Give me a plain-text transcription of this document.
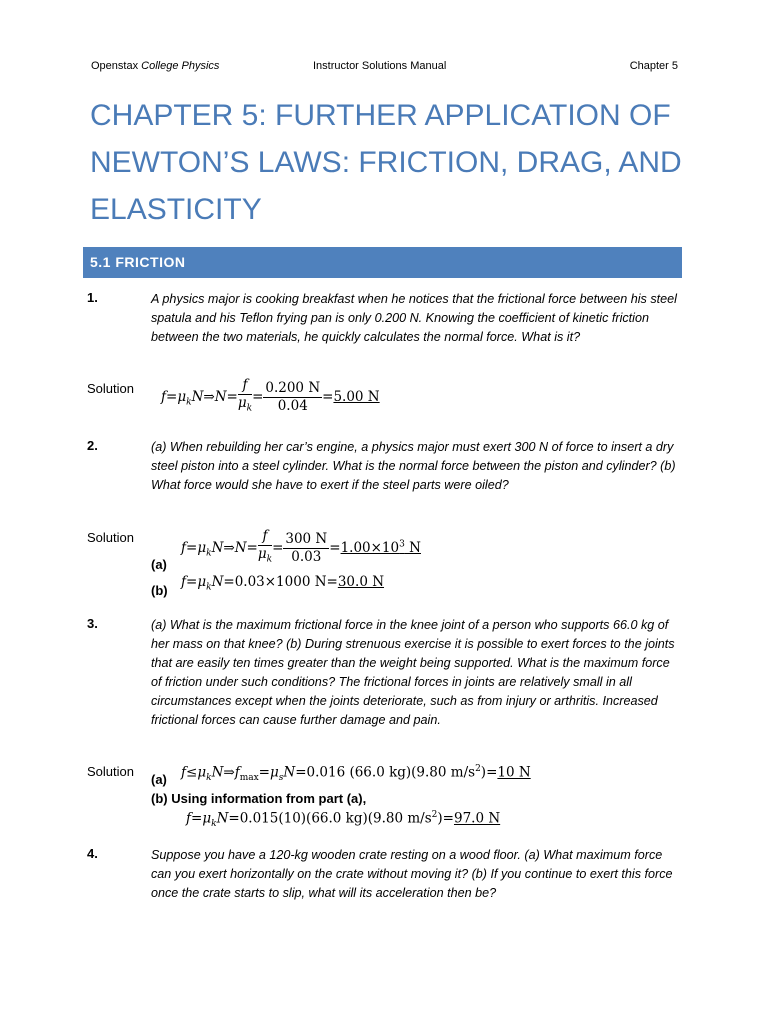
Openstax College Physics	Instructor Solutions Manual	Chapter 5
CHAPTER 5: FURTHER APPLICATION OF NEWTON’S LAWS: FRICTION, DRAG, AND ELASTICITY
5.1 FRICTION
1.	A physics major is cooking breakfast when he notices that the frictional force between his steel spatula and his Teflon frying pan is only 0.200 N. Knowing the coefficient of kinetic friction between the two materials, he quickly calculates the normal force. What is it?
Solution
$f=\mu_kN\Rightarrow N= \frac{f}{\mu_k} = \frac{0.200 N}{0.04} =5.00$ N
2.	(a) When rebuilding her car’s engine, a physics major must exert 300 N of force to insert a dry steel piston into a steel cylinder. What is the normal force between the piston and cylinder? (b) What force would she have to exert if the steel parts were oiled?
Solution
(a)
$f=\mu_kN\Rightarrow N= \frac{f}{\mu_k} = \frac{300 N}{0.03} =1.00\times 10^3$ N
(b)
$f=\mu_kN=0.03\times 1000$ N=30.0 N
3.	(a) What is the maximum frictional force in the knee joint of a person who supports 66.0 kg of her mass on that knee? (b) During strenuous exercise it is possible to exert forces to the joints that are easily ten times greater than the weight being supported. What is the maximum force of friction under such conditions? The frictional forces in joints are relatively small in all circumstances except when the joints deteriorate, such as from injury or arthritis. Increased frictional forces can cause further damage and pain.
Solution
(a) $f\le\mu_kN\Rightarrow f_{max}=\mu_sN=0.016$ (66.0 kg)(9.80 $m/s^2)=10$ N
(b) Using information from part (a),
$f=\mu_kN=0.015(10)(66.0$ kg)(9.80 $m/s^2)=97.0$ N
4.	Suppose you have a 120-kg wooden crate resting on a wood floor. (a) What maximum force can you exert horizontally on the crate without moving it? (b) If you continue to exert this force once the crate starts to slip, what will its acceleration then be?
